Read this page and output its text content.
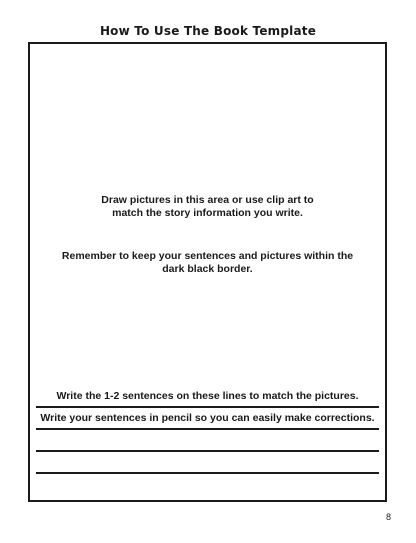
How To Use The Book Template

Draw pictures in this area or use clip art to match the story information you write.

Remember to keep your sentences and pictures within the dark black border.

Write the 1-2 sentences on these lines to match the pictures.

Write your sentences in pencil so you can easily make corrections.

8
